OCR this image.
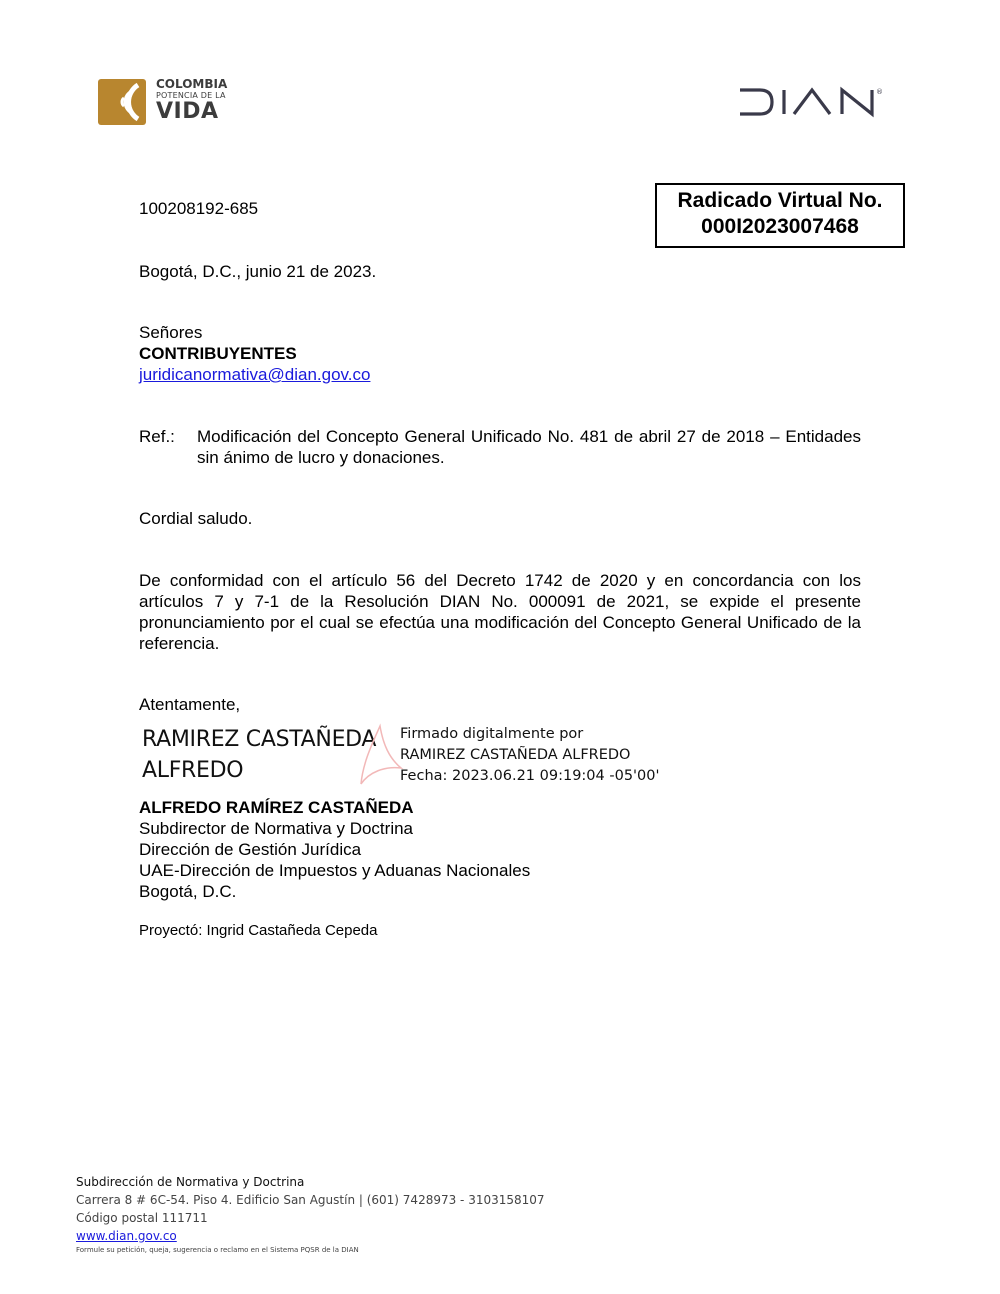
COLOMBIA
POTENCIA DE LA
VIDA
®
Radicado Virtual No.
000I2023007468
100208192-685
Bogotá, D.C., junio 21 de 2023.
Señores
CONTRIBUYENTES
juridicanormativa@dian.gov.co
Ref.: Modificación del Concepto General Unificado No. 481 de abril 27 de 2018 – Entidades sin ánimo de lucro y donaciones.
Cordial saludo.
De conformidad con el artículo 56 del Decreto 1742 de 2020 y en concordancia con los artículos 7 y 7-1 de la Resolución DIAN No. 000091 de 2021, se expide el presente pronunciamiento por el cual se efectúa una modificación del Concepto General Unificado de la referencia.
Atentamente,
RAMIREZ CASTAÑEDA
ALFREDO
Firmado digitalmente por
RAMIREZ CASTAÑEDA ALFREDO
Fecha: 2023.06.21 09:19:04 -05'00'
ALFREDO RAMÍREZ CASTAÑEDA
Subdirector de Normativa y Doctrina
Dirección de Gestión Jurídica
UAE-Dirección de Impuestos y Aduanas Nacionales
Bogotá, D.C.
Proyectó: Ingrid Castañeda Cepeda
Subdirección de Normativa y Doctrina
Carrera 8 # 6C-54. Piso 4. Edificio San Agustín | (601) 7428973 - 3103158107
Código postal 111711
www.dian.gov.co
Formule su petición, queja, sugerencia o reclamo en el Sistema PQSR de la DIAN
